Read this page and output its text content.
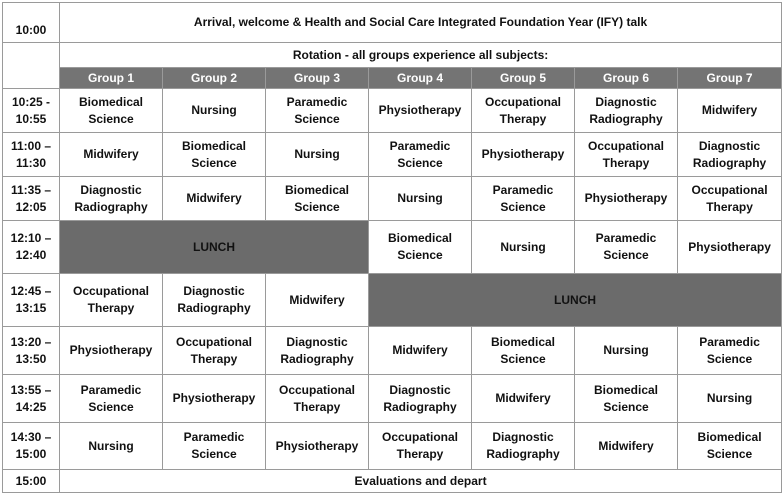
10:00	Arrival, welcome & Health and Social Care Integrated Foundation Year (IFY) talk						
	Rotation - all groups experience all subjects:						
	Group 1	Group 2	Group 3	Group 4	Group 5	Group 6	Group 7
10:25 -
10:55	Biomedical Science	Nursing	Paramedic Science	Physiotherapy	Occupational Therapy	Diagnostic Radiography	Midwifery
11:00 –
11:30	Midwifery	Biomedical Science	Nursing	Paramedic Science	Physiotherapy	Occupational Therapy	Diagnostic Radiography
11:35 –
12:05	Diagnostic Radiography	Midwifery	Biomedical Science	Nursing	Paramedic Science	Physiotherapy	Occupational Therapy
12:10 –
12:40	LUNCH			Biomedical Science	Nursing	Paramedic Science	Physiotherapy
12:45 –
13:15	Occupational Therapy	Diagnostic Radiography	Midwifery	LUNCH			
13:20 –
13:50	Physiotherapy	Occupational Therapy	Diagnostic Radiography	Midwifery	Biomedical Science	Nursing	Paramedic Science
13:55 –
14:25	Paramedic Science	Physiotherapy	Occupational Therapy	Diagnostic Radiography	Midwifery	Biomedical Science	Nursing
14:30 –
15:00	Nursing	Paramedic Science	Physiotherapy	Occupational Therapy	Diagnostic Radiography	Midwifery	Biomedical Science
15:00	Evaluations and depart						
